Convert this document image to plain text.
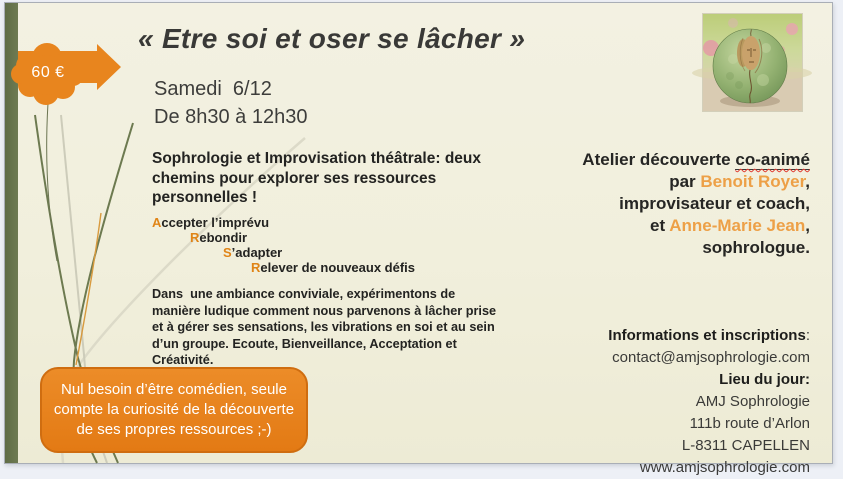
60 €
« Etre soi et oser se lâcher »
Samedi  6/12
De 8h30 à 12h30
Sophrologie et Improvisation théâtrale: deux chemins pour explorer ses ressources personnelles !
Accepter l’imprévu
Rebondir
S’adapter
Relever de nouveaux défis
Dans  une ambiance conviviale, expérimentons de manière ludique comment nous parvenons à lâcher prise et à gérer ses sensations, les vibrations en soi et au sein d’un groupe. Ecoute, Bienveillance, Acceptation et Créativité.
Nul besoin d’être comédien, seule compte la curiosité de la découverte de ses propres ressources ;-)
Atelier découverte co-animé
par Benoit Royer,
improvisateur et coach,
et Anne-Marie Jean,
sophrologue.
Informations et inscriptions:
contact@amjsophrologie.com
Lieu du jour:
AMJ Sophrologie
111b route d’Arlon
L-8311 CAPELLEN
www.amjsophrologie.com
